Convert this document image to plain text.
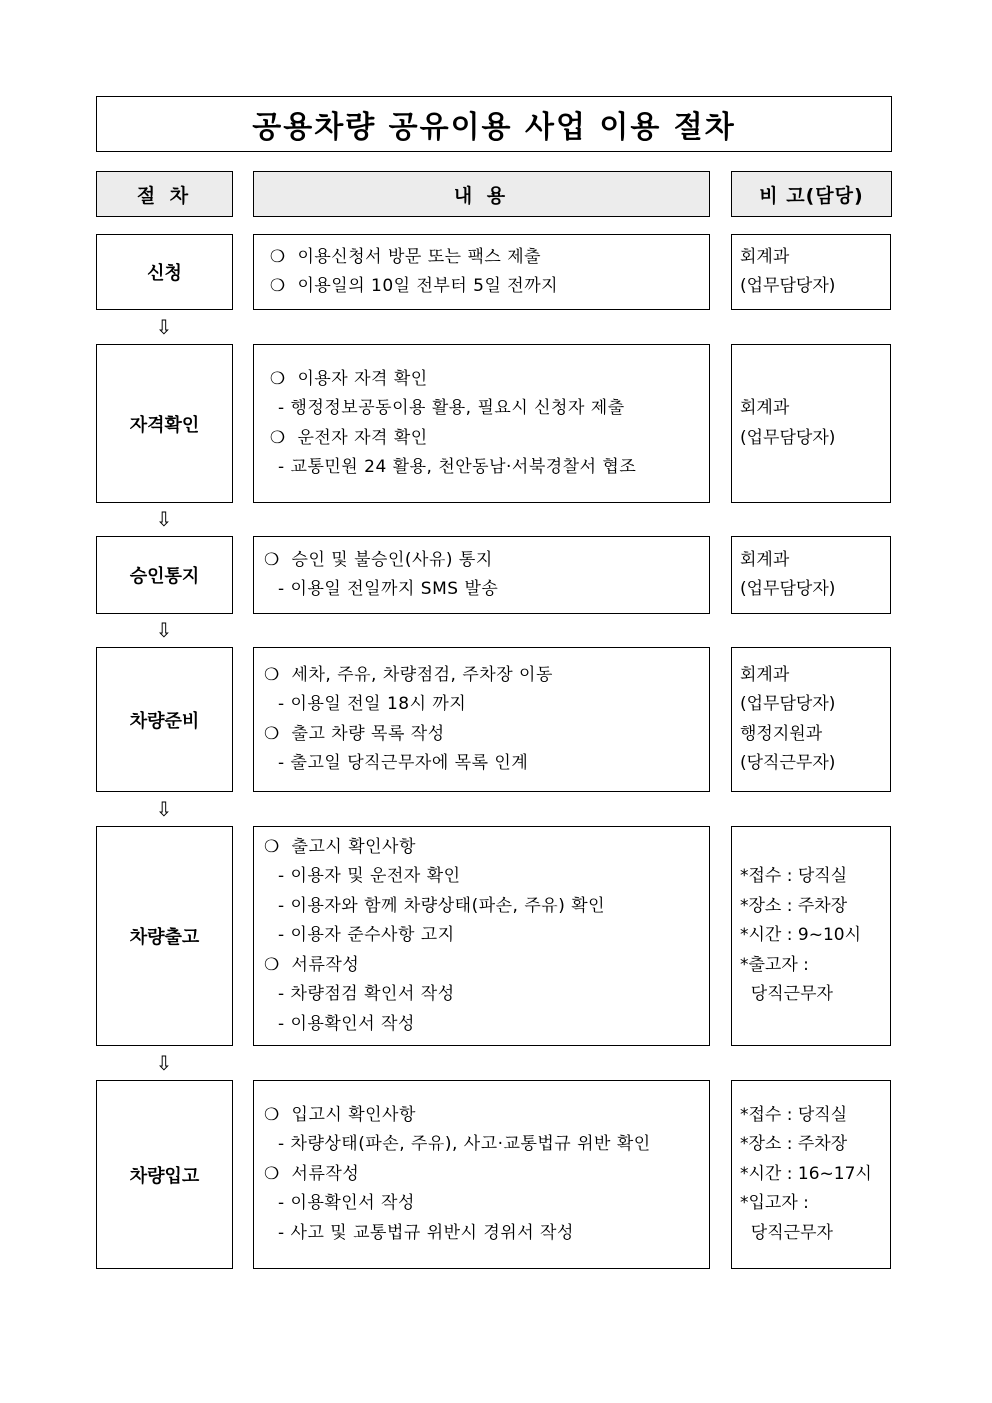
공용차량 공유이용 사업 이용 절차
절 차	내 용	비 고(담당)
신청
❍  이용신청서 방문 또는 팩스 제출
❍  이용일의 10일 전부터 5일 전까지
회계과
(업무담당자)
자격확인
❍  이용자 자격 확인
- 행정정보공동이용 활용, 필요시 신청자 제출
❍  운전자 자격 확인
- 교통민원 24 활용, 천안동남·서북경찰서 협조
회계과
(업무담당자)
승인통지
❍  승인 및 불승인(사유) 통지
- 이용일 전일까지 SMS 발송
회계과
(업무담당자)
차량준비
❍  세차, 주유, 차량점검, 주차장 이동
- 이용일 전일 18시 까지
❍  출고 차량 목록 작성
- 출고일 당직근무자에 목록 인계
회계과
(업무담당자)
행정지원과
(당직근무자)
차량출고
❍  출고시 확인사항
- 이용자 및 운전자 확인
- 이용자와 함께 차량상태(파손, 주유) 확인
- 이용자 준수사항 고지
❍  서류작성
- 차량점검 확인서 작성
- 이용확인서 작성
*접수 : 당직실
*장소 : 주차장
*시간 : 9~10시
*출고자 :
당직근무자
차량입고
❍  입고시 확인사항
- 차량상태(파손, 주유), 사고·교통법규 위반 확인
❍  서류작성
- 이용확인서 작성
- 사고 및 교통법규 위반시 경위서 작성
*접수 : 당직실
*장소 : 주차장
*시간 : 16~17시
*입고자 :
당직근무자
⇩
⇩
⇩
⇩
⇩
